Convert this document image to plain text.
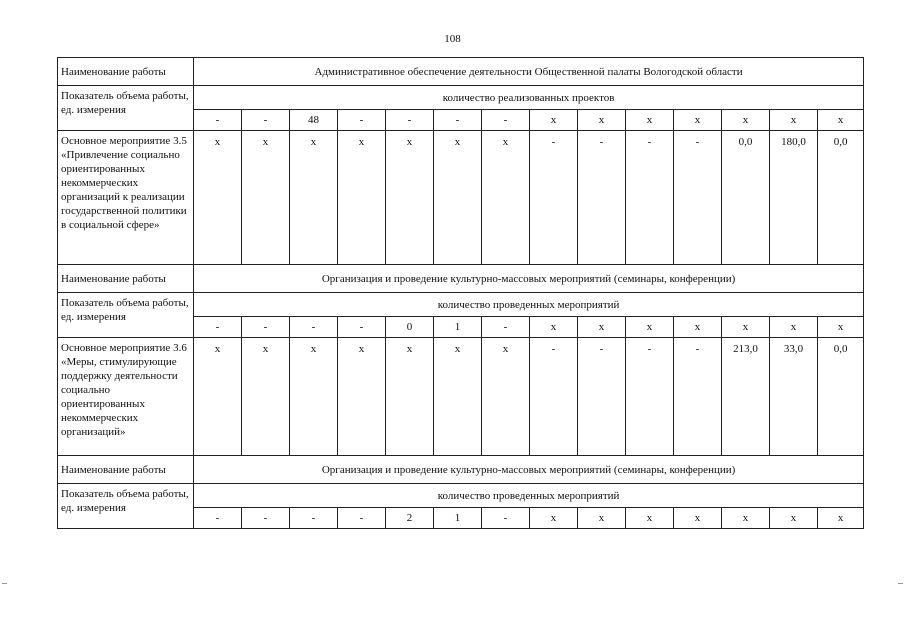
108
Наименование работы	Административное обеспечение деятельности Общественной палаты Вологодской области													
Показатель объема работы, ед. измерения	количество реализованных проектов													
	-	-	48	-	-	-	-	x	x	x	x	x	x	x
Основное мероприятие 3.5 «Привлечение социально ориентированных некоммерческих организаций к реализации государственной политики в социальной сфере»	x	x	x	x	x	x	x	-	-	-	-	0,0	180,0	0,0
Наименование работы	Организация и проведение культурно-массовых мероприятий (семинары, конференции)													
Показатель объема работы, ед. измерения	количество проведенных мероприятий													
	-	-	-	-	0	1	-	x	x	x	x	x	x	x
Основное мероприятие 3.6 «Меры, стимулирующие поддержку деятельности социально ориентированных некоммерческих организаций»	x	x	x	x	x	x	x	-	-	-	-	213,0	33,0	0,0
Наименование работы	Организация и проведение культурно-массовых мероприятий (семинары, конференции)													
Показатель объема работы, ед. измерения	количество проведенных мероприятий													
	-	-	-	-	2	1	-	x	x	x	x	x	x	x
